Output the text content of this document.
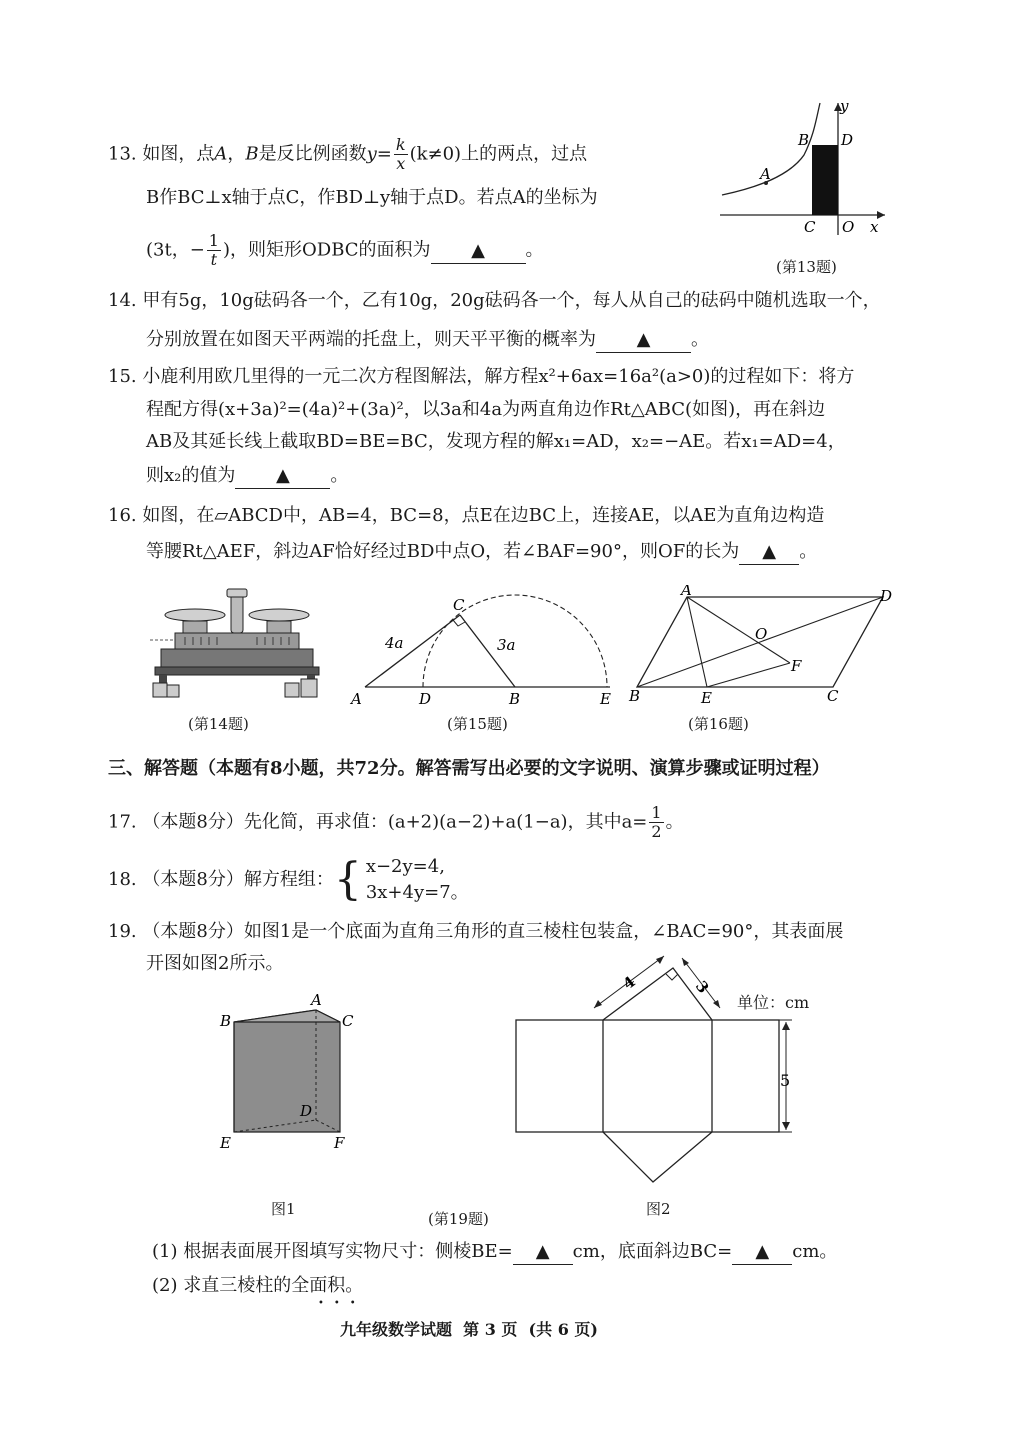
13. 如图，点A，B是反比例函数$y= \frac{k}{x} (k\ne 0)$上的两点，过点
B作BC⊥x轴于点C，作BD⊥y轴于点D。若点A的坐标为
(3t，− $\frac{1}{t}$ )，则矩形ODBC的面积为 ▲ 。
y
B D
A
C O x
(第13题)
14. 甲有5g，10g砝码各一个，乙有10g，20g砝码各一个，每人从自己的砝码中随机选取一个，
分别放置在如图天平两端的托盘上，则天平平衡的概率为 ▲ 。
15. 小鹿利用欧几里得的一元二次方程图解法，解方程x²+6ax=16a²(a>0)的过程如下：将方
程配方得(x+3a)²=(4a)²+(3a)²，以3a和4a为两直角边作Rt△ABC(如图)，再在斜边
AB及其延长线上截取BD=BE=BC，发现方程的解x₁=AD，x₂=−AE。若x₁=AD=4，
则x₂的值为 ▲ 。
16. 如图，在▱ABCD中，AB=4，BC=8，点E在边BC上，连接AE，以AE为直角边构造
等腰Rt△AEF，斜边AF恰好经过BD中点O，若∠BAF=90°，则OF的长为 ▲ 。
(第14题)
C
4a	3a
A	D	B	E
(第15题)
A	D
O
F
B	E	C
(第16题)
三、解答题（本题有8小题，共72分。解答需写出必要的文字说明、演算步骤或证明过程）
17. （本题8分）先化简，再求值：(a+2)(a−2)+a(1−a)，其中$a= \frac{1}{2}$ 。
18. （本题8分）解方程组：{ x−2y=4,
3x+4y=7。
19. （本题8分）如图1是一个底面为直角三角形的直三棱柱包装盒，∠BAC=90°，其表面展
开图如图2所示。
A
B	C
D
E	F
图1
4	3
5
单位：cm
图2
(第19题)
(1) 根据表面展开图填写实物尺寸：侧棱BE= ▲ cm，底面斜边BC= ▲ cm。
(2) 求直三棱柱的全面积。
•••
九年级数学试题  第 3 页  (共 6 页)
